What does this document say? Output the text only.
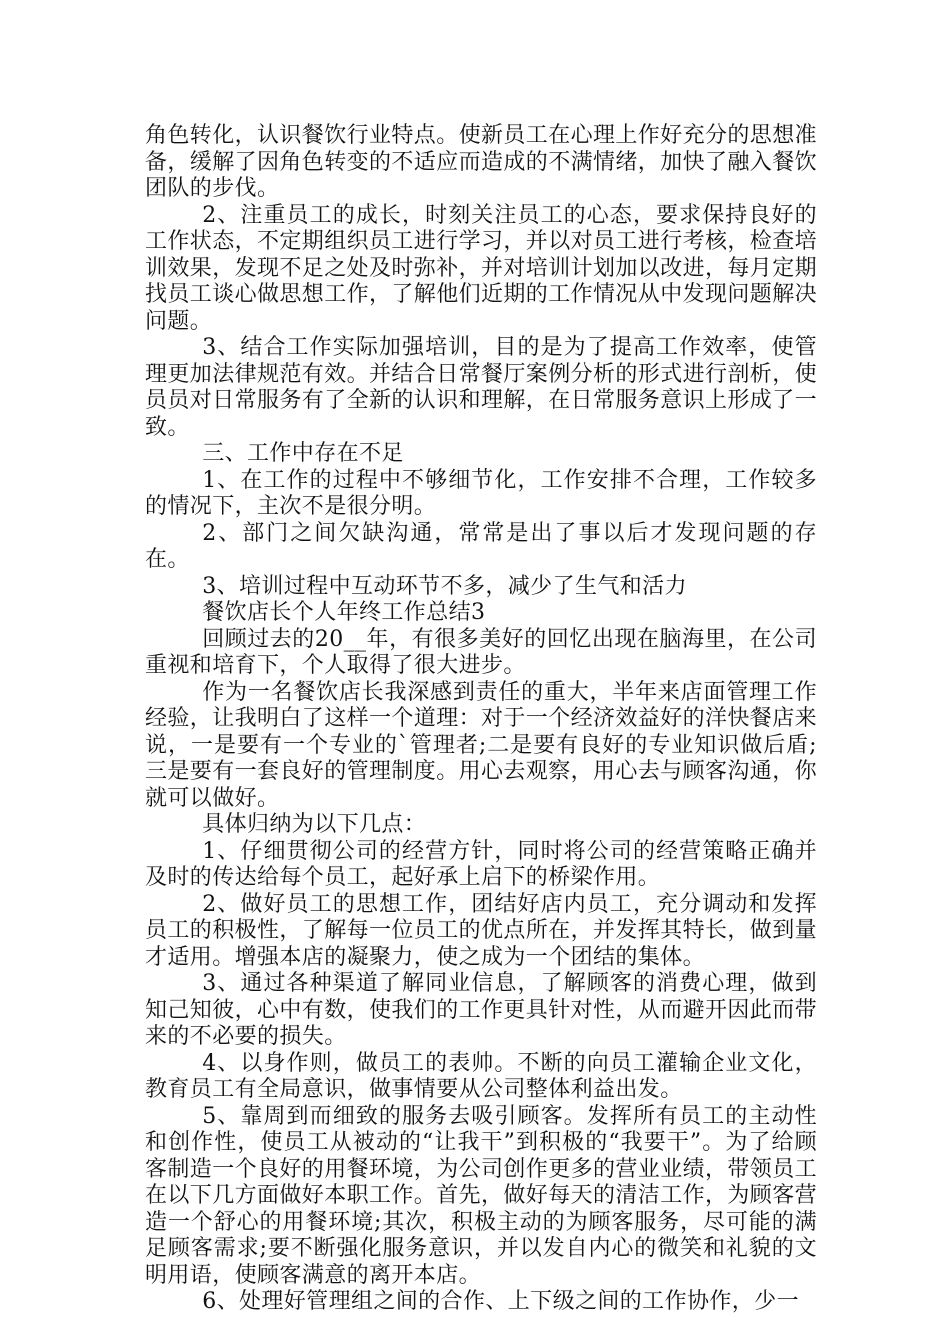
角色转化，认识餐饮行业特点。使新员工在心理上作好充分的思想准备，缓解了因角色转变的不适应而造成的不满情绪，加快了融入餐饮团队的步伐。

2、注重员工的成长，时刻关注员工的心态，要求保持良好的工作状态，不定期组织员工进行学习，并以对员工进行考核，检查培训效果，发现不足之处及时弥补，并对培训计划加以改进，每月定期找员工谈心做思想工作，了解他们近期的工作情况从中发现问题解决问题。

3、结合工作实际加强培训，目的是为了提高工作效率，使管理更加法律规范有效。并结合日常餐厅案例分析的形式进行剖析，使员员对日常服务有了全新的认识和理解，在日常服务意识上形成了一致。

三、工作中存在不足

1、在工作的过程中不够细节化，工作安排不合理，工作较多的情况下，主次不是很分明。

2、部门之间欠缺沟通，常常是出了事以后才发现问题的存在。

3、培训过程中互动环节不多，减少了生气和活力

餐饮店长个人年终工作总结3

回顾过去的20__年，有很多美好的回忆出现在脑海里，在公司重视和培育下，个人取得了很大进步。

作为一名餐饮店长我深感到责任的重大，半年来店面管理工作经验，让我明白了这样一个道理：对于一个经济效益好的洋快餐店来说，一是要有一个专业的`管理者;二是要有良好的专业知识做后盾;三是要有一套良好的管理制度。用心去观察，用心去与顾客沟通，你就可以做好。

具体归纳为以下几点：

1、仔细贯彻公司的经营方针，同时将公司的经营策略正确并及时的传达给每个员工，起好承上启下的桥梁作用。

2、做好员工的思想工作，团结好店内员工，充分调动和发挥员工的积极性，了解每一位员工的优点所在，并发挥其特长，做到量才适用。增强本店的凝聚力，使之成为一个团结的集体。

3、通过各种渠道了解同业信息，了解顾客的消费心理，做到知己知彼，心中有数，使我们的工作更具针对性，从而避开因此而带来的不必要的损失。

4、以身作则，做员工的表帅。不断的向员工灌输企业文化，教育员工有全局意识，做事情要从公司整体利益出发。

5、靠周到而细致的服务去吸引顾客。发挥所有员工的主动性和创作性，使员工从被动的“让我干”到积极的“我要干”。为了给顾客制造一个良好的用餐环境，为公司创作更多的营业业绩，带领员工在以下几方面做好本职工作。首先，做好每天的清洁工作，为顾客营造一个舒心的用餐环境;其次，积极主动的为顾客服务，尽可能的满足顾客需求;要不断强化服务意识，并以发自内心的微笑和礼貌的文明用语，使顾客满意的离开本店。

6、处理好管理组之间的合作、上下级之间的工作协作，少一
